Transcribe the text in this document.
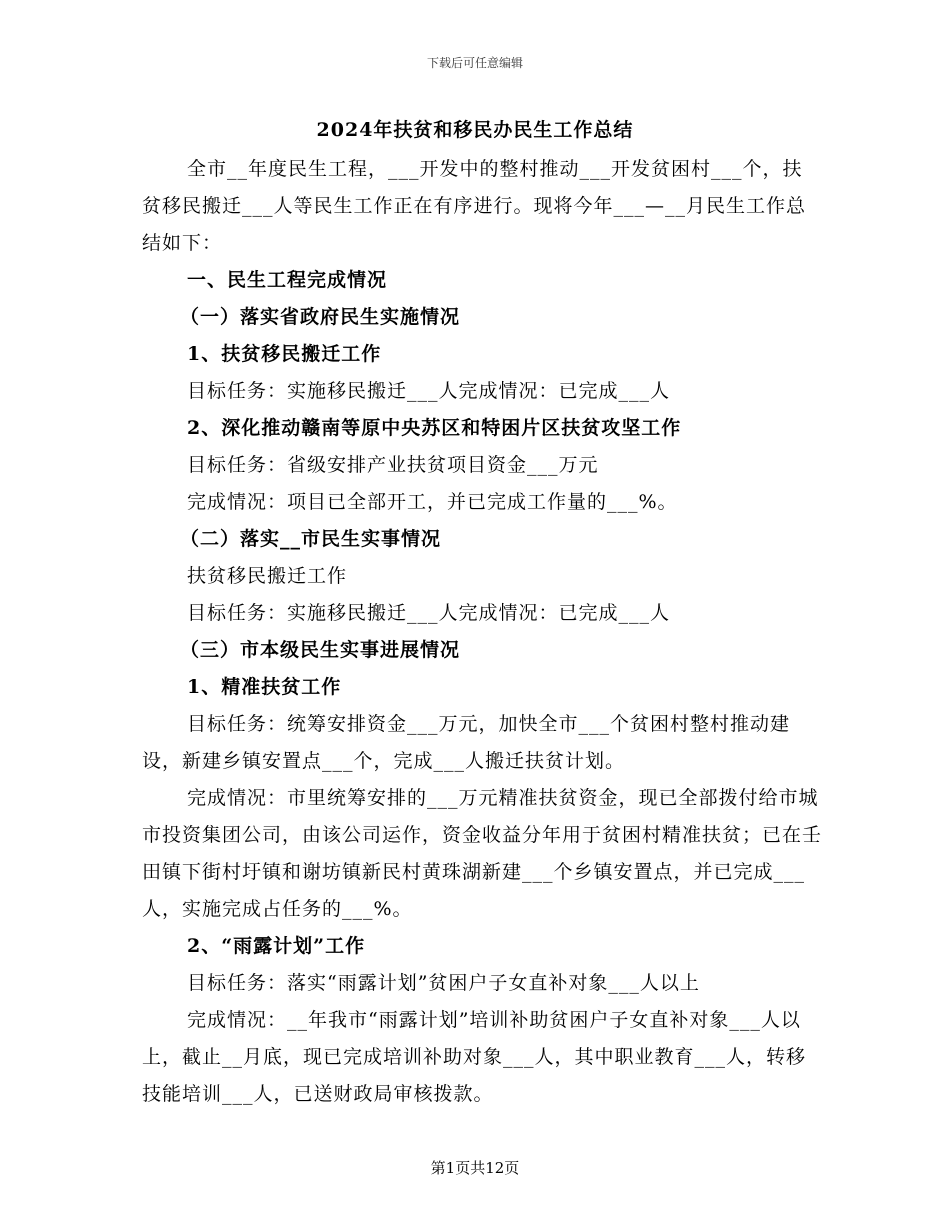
下载后可任意编辑
2024年扶贫和移民办民生工作总结

全市__年度民生工程，___开发中的整村推动___开发贫困村___个，扶贫移民搬迁___人等民生工作正在有序进行。现将今年___—__月民生工作总结如下：

一、民生工程完成情况

（一）落实省政府民生实施情况

1、扶贫移民搬迁工作

目标任务：实施移民搬迁___人完成情况：已完成___人

2、深化推动赣南等原中央苏区和特困片区扶贫攻坚工作

目标任务：省级安排产业扶贫项目资金___万元

完成情况：项目已全部开工，并已完成工作量的___%。

（二）落实__市民生实事情况

扶贫移民搬迁工作

目标任务：实施移民搬迁___人完成情况：已完成___人

（三）市本级民生实事进展情况

1、精准扶贫工作

目标任务：统筹安排资金___万元，加快全市___个贫困村整村推动建设，新建乡镇安置点___个，完成___人搬迁扶贫计划。

完成情况：市里统筹安排的___万元精准扶贫资金，现已全部拨付给市城市投资集团公司，由该公司运作，资金收益分年用于贫困村精准扶贫；已在壬田镇下街村圩镇和谢坊镇新民村黄珠湖新建___个乡镇安置点，并已完成___人，实施完成占任务的___%。

2、“雨露计划”工作

目标任务：落实“雨露计划”贫困户子女直补对象___人以上

完成情况：__年我市“雨露计划”培训补助贫困户子女直补对象___人以上，截止__月底，现已完成培训补助对象___人，其中职业教育___人，转移技能培训___人，已送财政局审核拨款。

第1页共12页
